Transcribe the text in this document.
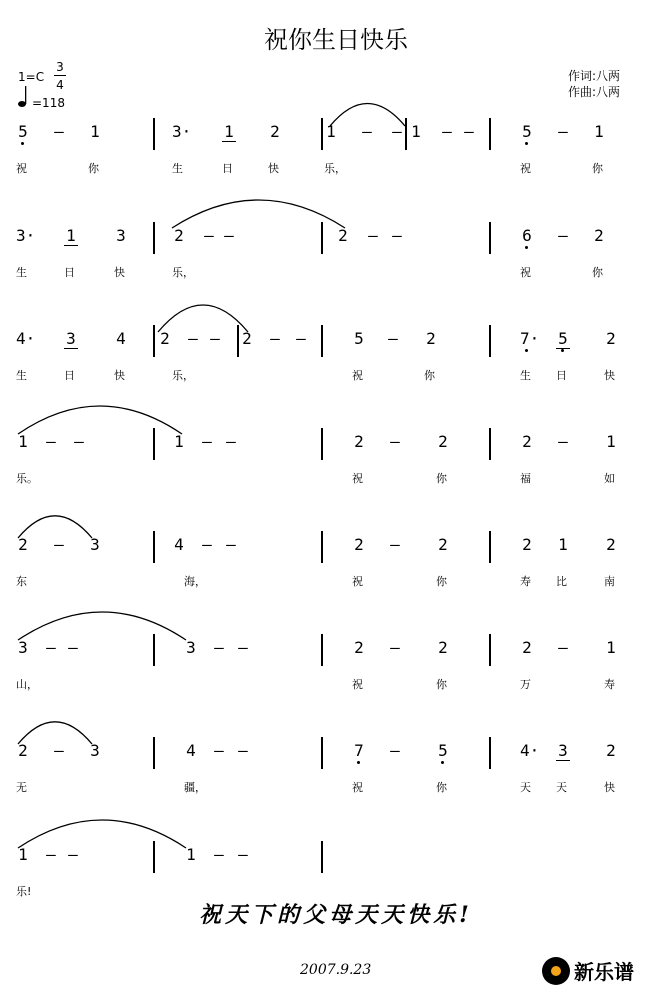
祝你生日快乐
1=C
3
4
=118
作词:八两
作曲:八两
5 – 1	3· 1 2	1 – – 1 – –	5 – 1
祝	你	生	日	快	乐，	祝	你
3· 1	3	2 – –	2 – –	6 – 2
生	日	快	乐，	祝	你
4· 3	4 2 – – 2 – –	5 – 2	7· 5 2
生	日	快	乐，	祝	你	生 日	快
1 – –	1 – –	2 – 2	2 – 1
乐。	祝	你	福	如
2 – 3	4 – –	2 – 2	2 1 2
东	海，	祝	你	寿 比	南
3 – –	3 – –	2 – 2	2 – 1
山，	祝	你	万	寿
2 – 3	4 – –	7 – 5	4· 3 2
无	疆，	祝	你	天 天	快
1 – –	1 – –
乐!
祝天下的父母天天快乐!
2007.9.23	新乐谱
